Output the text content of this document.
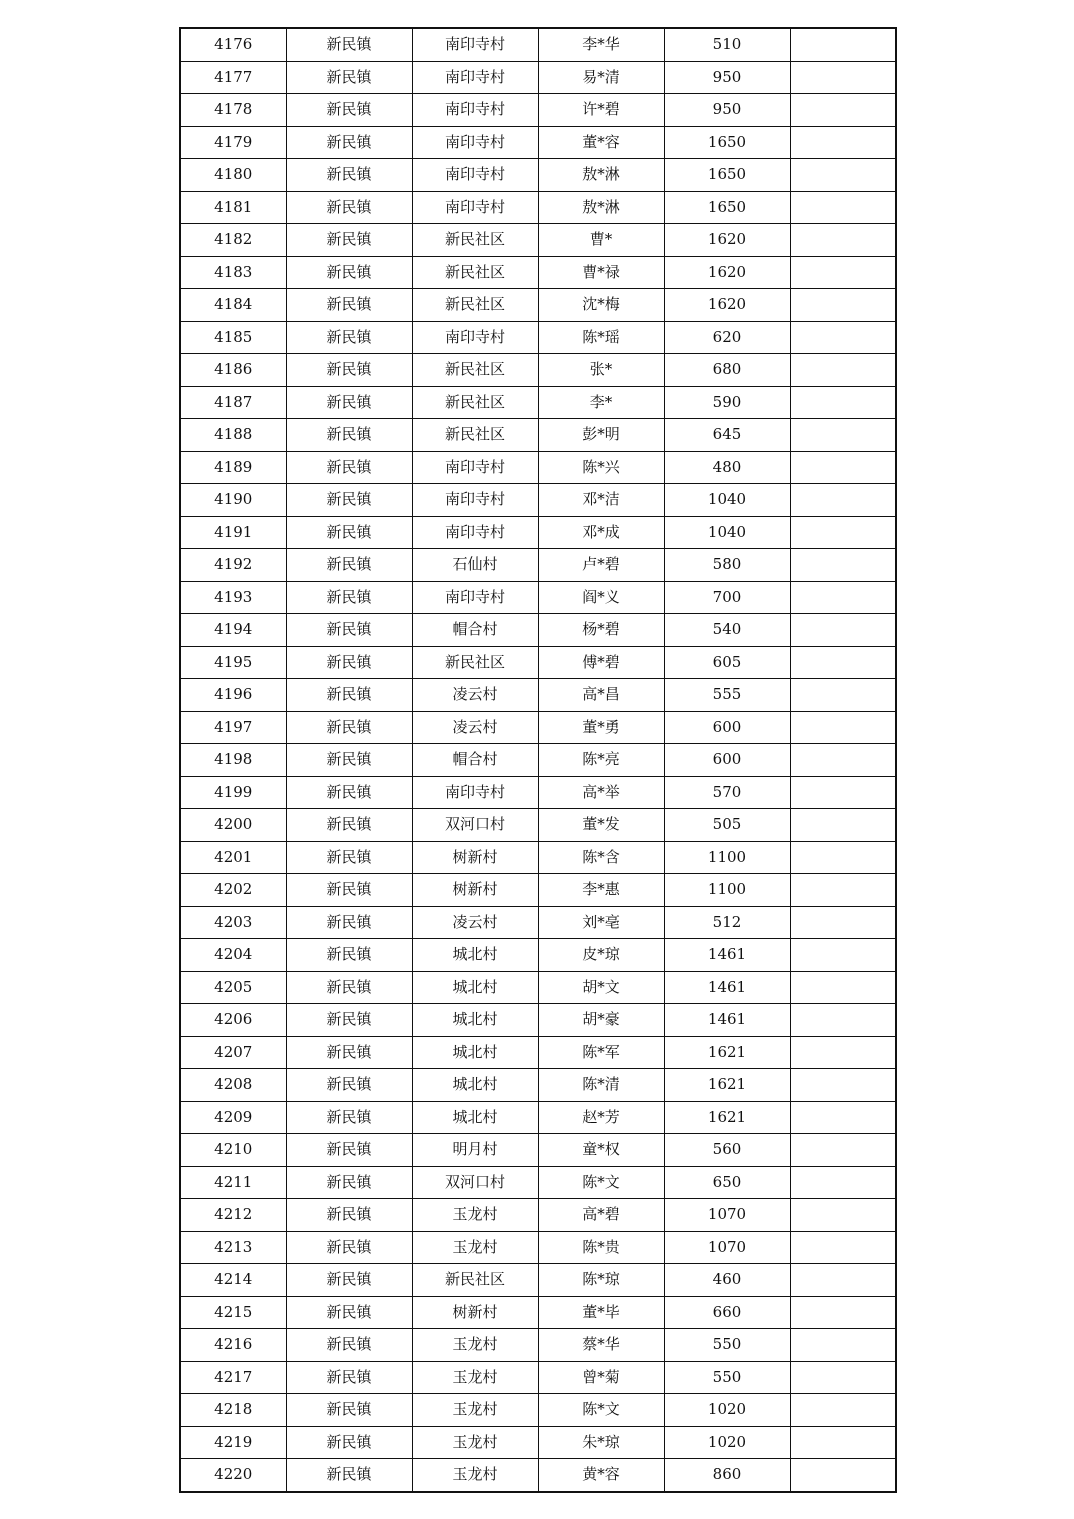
4176	新民镇	南印寺村	李*华	510	
4177	新民镇	南印寺村	易*清	950	
4178	新民镇	南印寺村	许*碧	950	
4179	新民镇	南印寺村	董*容	1650	
4180	新民镇	南印寺村	敖*淋	1650	
4181	新民镇	南印寺村	敖*淋	1650	
4182	新民镇	新民社区	曹*	1620	
4183	新民镇	新民社区	曹*禄	1620	
4184	新民镇	新民社区	沈*梅	1620	
4185	新民镇	南印寺村	陈*瑶	620	
4186	新民镇	新民社区	张*	680	
4187	新民镇	新民社区	李*	590	
4188	新民镇	新民社区	彭*明	645	
4189	新民镇	南印寺村	陈*兴	480	
4190	新民镇	南印寺村	邓*洁	1040	
4191	新民镇	南印寺村	邓*成	1040	
4192	新民镇	石仙村	卢*碧	580	
4193	新民镇	南印寺村	阎*义	700	
4194	新民镇	帽合村	杨*碧	540	
4195	新民镇	新民社区	傅*碧	605	
4196	新民镇	凌云村	高*昌	555	
4197	新民镇	凌云村	董*勇	600	
4198	新民镇	帽合村	陈*亮	600	
4199	新民镇	南印寺村	高*举	570	
4200	新民镇	双河口村	董*发	505	
4201	新民镇	树新村	陈*含	1100	
4202	新民镇	树新村	李*惠	1100	
4203	新民镇	凌云村	刘*亳	512	
4204	新民镇	城北村	皮*琼	1461	
4205	新民镇	城北村	胡*文	1461	
4206	新民镇	城北村	胡*豪	1461	
4207	新民镇	城北村	陈*军	1621	
4208	新民镇	城北村	陈*清	1621	
4209	新民镇	城北村	赵*芳	1621	
4210	新民镇	明月村	童*权	560	
4211	新民镇	双河口村	陈*文	650	
4212	新民镇	玉龙村	高*碧	1070	
4213	新民镇	玉龙村	陈*贵	1070	
4214	新民镇	新民社区	陈*琼	460	
4215	新民镇	树新村	董*毕	660	
4216	新民镇	玉龙村	蔡*华	550	
4217	新民镇	玉龙村	曾*菊	550	
4218	新民镇	玉龙村	陈*文	1020	
4219	新民镇	玉龙村	朱*琼	1020	
4220	新民镇	玉龙村	黄*容	860	
